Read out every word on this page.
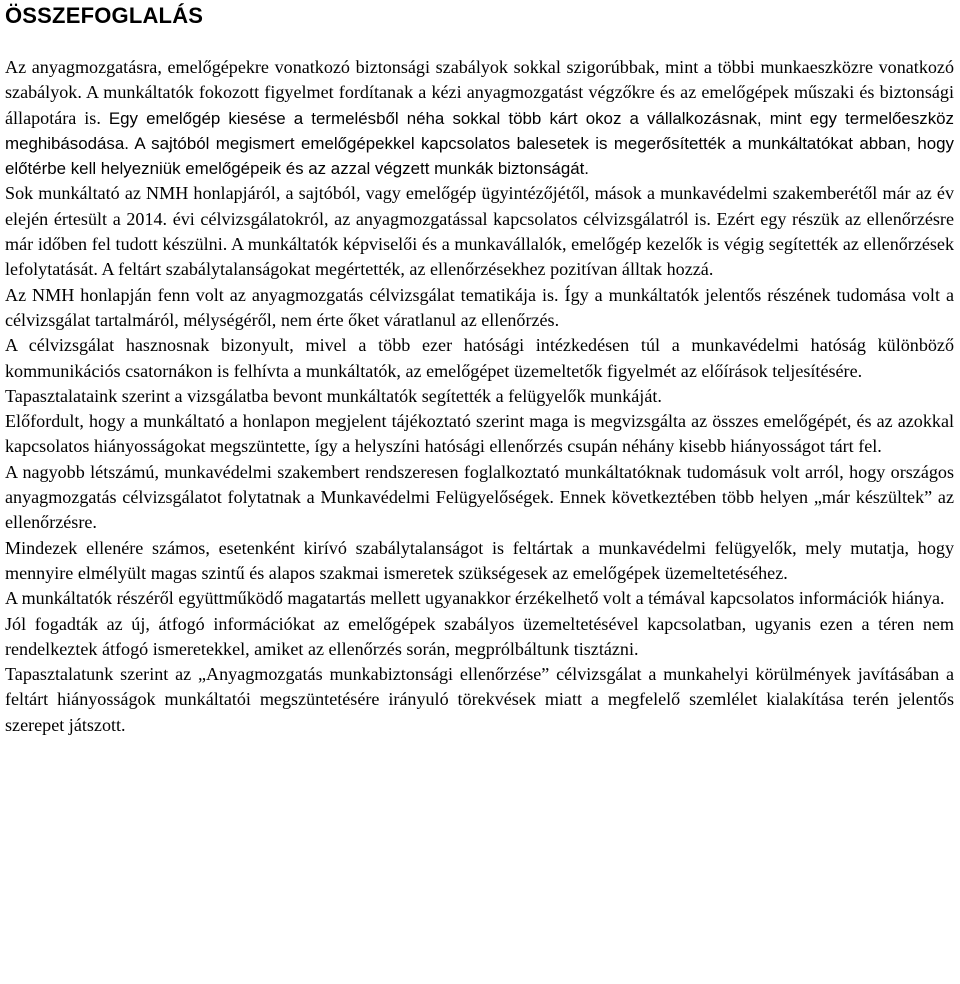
ÖSSZEFOGLALÁS

Az anyagmozgatásra, emelőgépekre vonatkozó biztonsági szabályok sokkal szigorúbbak, mint a többi munkaeszközre vonatkozó szabályok. A munkáltatók fokozott figyelmet fordítanak a kézi anyagmozgatást végzőkre és az emelőgépek műszaki és biztonsági állapotára is. Egy emelőgép kiesése a termelésből néha sokkal több kárt okoz a vállalkozásnak, mint egy termelőeszköz meghibásodása. A sajtóból megismert emelőgépekkel kapcsolatos balesetek is megerősítették a munkáltatókat abban, hogy előtérbe kell helyezniük emelőgépeik és az azzal végzett munkák biztonságát.

Sok munkáltató az NMH honlapjáról, a sajtóból, vagy emelőgép ügyintézőjétől, mások a munkavédelmi szakemberétől már az év elején értesült a 2014. évi célvizsgálatokról, az anyagmozgatással kapcsolatos célvizsgálatról is. Ezért egy részük az ellenőrzésre már időben fel tudott készülni. A munkáltatók képviselői és a munkavállalók, emelőgép kezelők is végig segítették az ellenőrzések lefolytatását. A feltárt szabálytalanságokat megértették, az ellenőrzésekhez pozitívan álltak hozzá.

Az NMH honlapján fenn volt az anyagmozgatás célvizsgálat tematikája is. Így a munkáltatók jelentős részének tudomása volt a célvizsgálat tartalmáról, mélységéről, nem érte őket váratlanul az ellenőrzés.

A célvizsgálat hasznosnak bizonyult, mivel a több ezer hatósági intézkedésen túl a munkavédelmi hatóság különböző kommunikációs csatornákon is felhívta a munkáltatók, az emelőgépet üzemeltetők figyelmét az előírások teljesítésére.

Tapasztalataink szerint a vizsgálatba bevont munkáltatók segítették a felügyelők munkáját.

Előfordult, hogy a munkáltató a honlapon megjelent tájékoztató szerint maga is megvizsgálta az összes emelőgépét, és az azokkal kapcsolatos hiányosságokat megszüntette, így a helyszíni hatósági ellenőrzés csupán néhány kisebb hiányosságot tárt fel.

A nagyobb létszámú, munkavédelmi szakembert rendszeresen foglalkoztató munkáltatóknak tudomásuk volt arról, hogy országos anyagmozgatás célvizsgálatot folytatnak a Munkavédelmi Felügyelőségek. Ennek következtében több helyen „már készültek” az ellenőrzésre.

Mindezek ellenére számos, esetenként kirívó szabálytalanságot is feltártak a munkavédelmi felügyelők, mely mutatja, hogy mennyire elmélyült magas szintű és alapos szakmai ismeretek szükségesek az emelőgépek üzemeltetéséhez.

A munkáltatók részéről együttműködő magatartás mellett ugyanakkor érzékelhető volt a témával kapcsolatos információk hiánya.

Jól fogadták az új, átfogó információkat az emelőgépek szabályos üzemeltetésével kapcsolatban, ugyanis ezen a téren nem rendelkeztek átfogó ismeretekkel, amiket az ellenőrzés során, megprólbáltunk tisztázni.

Tapasztalatunk szerint az „Anyagmozgatás munkabiztonsági ellenőrzése” célvizsgálat a munkahelyi körülmények javításában a feltárt hiányosságok munkáltatói megszüntetésére irányuló törekvések miatt a megfelelő szemlélet kialakítása terén jelentős szerepet játszott.
